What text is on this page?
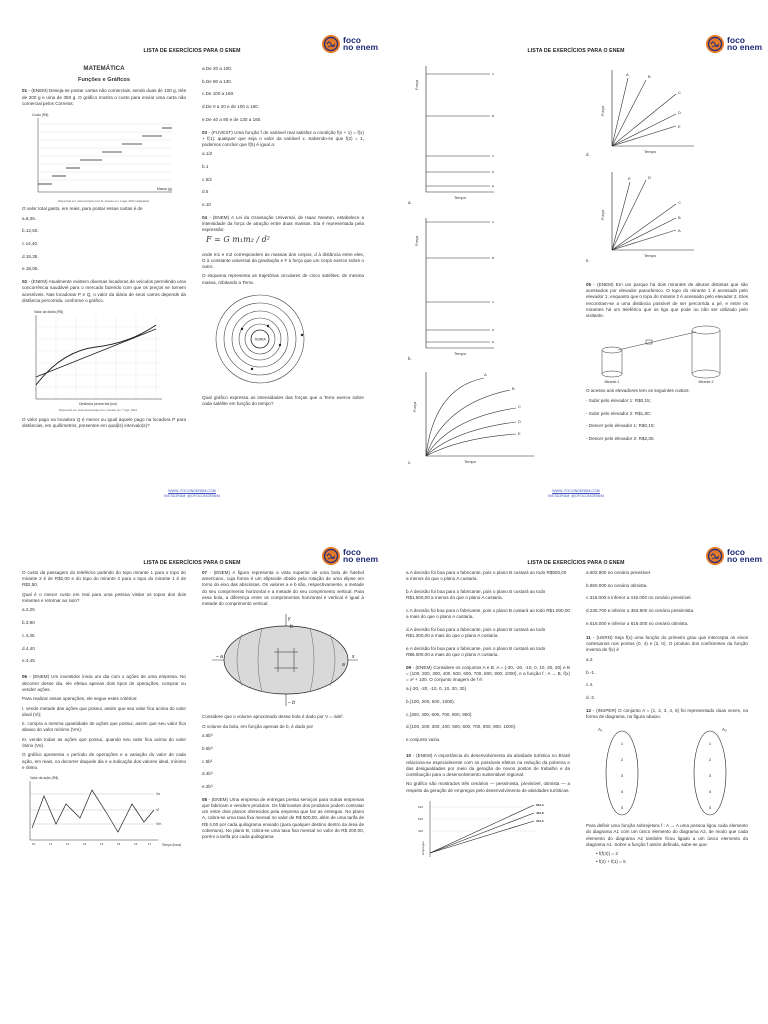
LISTA DE EXERCÍCIOS PARA O ENEM
foco
no enem
MATEMÁTICA
Funções e Gráficos

01 - (ENEM) Deseja-se postar cartas não comerciais, sendo duas de 100 g, três de 200 g e uma de 350 g. O gráfico mostra o custo para enviar uma carta não comercial pelos Correios:

Custo (R$)
Massa (g)
Disponível em: www.correios.com.br. Acesso em: 2 ago. 2012 (adaptado).

O valor total gasto, em reais, para postar essas cartas é de

a.8,35.
b.12,50.
c.14,40.
d.15,35.
e.18,05.

02 - (ENEM) Atualmente existem diversas locadoras de veículos permitindo uma concorrência saudável para o mercado fazendo com que os preços se tornem acessíveis. Nas locadoras P e Q, o valor da diária de seus carros depende da distância percorrida, conforme o gráfico.

Valor da diária (R$)
Distância percorrida (km)
Disponível em: www.sempretops.com. Acesso em: 7 ago. 2012

O valor pago na locadora Q é menor ou igual àquele pago na locadora P para distâncias, em quilômetros, presentes em qual(is) intervalo(s)?

a.De 20 a 100.
b.De 80 a 130.
c.De 100 a 160.
d.De 0 a 20 e de 100 a 160.
e.De 40 a 80 e de 130 a 160.

03 - (FUVEST) Uma função f de variável real satisfaz a condição f(x + 1) = f(x) + f(1), qualquer que seja o valor da variável x. Sabendo-se que f(2) = 1, podemos concluir que f(5) é igual a:

a.1/2
b.1
c.5/2
d.5
e.10

04 - (ENEM) A Lei da Gravitação Universal, de Isaac Newton, estabelece a intensidade da força de atração entre duas massas. Ela é representada pela expressão:

F = G m₁m₂ / d²

onde m1 e m2 correspondem às massas dos corpos, d à distância entre eles, G à constante universal da gravitação e F à força que um corpo exerce sobre o outro.

O esquema representa as trajetórias circulares de cinco satélites, de mesma massa, orbitando a Terra.

TERRA

Qual gráfico expressa as intensidades das forças que a Terra exerce sobre cada satélite em função do tempo?

WWW. FOCONOENEM.COM
INSTAGRAM: @OFOCONOENEM
LISTA DE EXERCÍCIOS PARA O ENEM
foco
no enem
A
B
C
D
E
Força
Tempo
a.
A
B
C
D
E
Força
Tempo
b.
A
B
C
D
E
Força
Tempo
c.
A	B
C
D
E
Força
Tempo
d.
E	D
C
B
A
Força
Tempo
e.

05 - (ENEM) Em um parque há dois mirantes de alturas distintas que são acessados por elevador panorâmico. O topo do mirante 1 é acessado pelo elevador 1, enquanto que o topo do mirante 2 é acessado pelo elevador 2. Eles encontram-se a uma distância possível de ser percorrida a pé, e entre os mirantes há um teleférico que os liga que pode ou não ser utilizado pelo visitante.

Mirante 1	Mirante 2

O acesso aos elevadores tem os seguintes custos:

- Subir pelo elevador 1: R$0,15;
- Subir pelo elevador 2: R$1,80;
- Descer pelo elevador 1: R$0,10;
- Descer pelo elevador 2: R$2,30.
WWW. FOCONOENEM.COM
INSTAGRAM: @OFOCONOENEM
LISTA DE EXERCÍCIOS PARA O ENEM
foco
no enem

O custo da passagem do teleférico partindo do topo mirante 1 para o topo do mirante 2 é de R$2,00 e do topo do mirante 2 para o topo do mirante 1 é de R$2,50.

Qual é o menor custo em real para uma pessoa visitar os topos dos dois mirantes e retornar ao solo?

a.2,25
b.3,90
c.4,35
d.4,40
e.4,45

06 - (ENEM) Um investidor inicia um dia com x ações de uma empresa. No decorrer desse dia, ele efetua apenas dois tipos de operações, comprar ou vender ações.

Para realizar essas operações, ele segue estes critérios:

I. vende metade das ações que possui, assim que seu valor fica acima do valor ideal (Vi);

II. compra a mesma quantidade de ações que possui, assim que seu valor fica abaixo do valor mínimo (Vm);

III. vende todas as ações que possui, quando seu valor fica acima do valor ótimo (Vo).

O gráfico apresenta o período de operações e a variação do valor de cada ação, em reais, no decorrer daquele dia e a indicação dos valores ideal, mínimo e ótimo.

Valor da ação (R$)
Vo
Vi
Vm
10	11	12	13	14	15	16	17	Tempo (hora)

07 - (ENEM) A figura representa a vista superior de uma bola de futebol americano, cuja forma é um elipsoide obtido pela rotação de uma elipse em torno do eixo das abscissas. Os valores a e b são, respectivamente, a metade do seu comprimento horizontal e a metade do seu comprimento vertical. Para essa bola, a diferença entre os comprimentos horizontal e vertical é igual à metade do comprimento vertical.

y
x
b
– b
– a
a

Considere que o volume aproximado dessa bola é dado por V = 4ab².

O volume da bola, em função apenas de b, é dado por

a.8b³
b.6b³
c.5b³
d.4b³
e.2b³

08 - (ENEM) Uma empresa de entregas presta serviços para outras empresas que fabricam e vendem produtos. Os fabricantes dos produtos podem contratar um entre dois planos oferecidos pela empresa que faz as entregas. No plano A, cobra-se uma taxa fixa mensal no valor de R$ 500,00, além de uma tarifa de R$ 4,00 por cada quilograma enviado (para qualquer destino dentro da área de cobertura). No plano B, cobra-se uma taxa fixa mensal no valor de R$ 200,00, porém a tarifa por cada quilograma

LISTA DE EXERCÍCIOS PARA O ENEM
foco
no enem
a.A decisão foi boa para o fabricante, pois o plano B custará ao todo R$500,00 a menos do que o plano A custaria.
b.A decisão foi boa para o fabricante, pois o plano B custará ao todo R$1.500,00 a menos do que o plano A custaria.
c.A decisão foi boa para o fabricante, pois o plano B custará ao todo R$1.000,00 a mais do que o plano A custaria.
d.A decisão foi boa para o fabricante, pois o plano B custará ao todo R$1.300,00 a mais do que o plano A custaria.
e.A decisão foi boa para o fabricante, pois o plano B custará ao todo R$6.000,00 a mais do que o plano A custaria.

09 - (ENEM) Considere os conjuntos A e B: A = {-30, -20, -10, 0, 10, 20, 30} e B = {100, 200, 300, 400, 500, 600, 700, 800, 900, 1000}, e a função f : A → B, f(x) = x² + 100. O conjunto imagem de f é:

a.{-30, -20, -10, 0, 10, 20, 30}.
b.{100, 200, 500, 1000}.
c.{300, 400, 600, 700, 800, 900}.
d.{100, 200, 300, 400, 500, 600, 700, 800, 900, 1000}.
e.conjunto vazio.

10 - (ENEM) A importância do desenvolvimento da atividade turística no Brasil relaciona-se especialmente com os possíveis efeitos na redução da pobreza e das desigualdades por meio da geração de novos postos de trabalho e da contribuição para o desenvolvimento sustentável regional.

No gráfico são mostrados três cenários — pessimista, previsível, otimista — a respeito da geração de empregos pelo desenvolvimento de atividades turísticas.

616
516
416
602,9
463,8
343,6
Empregos
a.602.900 no cenário previsível.
b.660.000 no cenário otimista.
c.316.000 e inferior a 416.000 no cenário previsível.
d.235.700 e inferior a 353.800 no cenário pessimista.
e.516.000 e inferior a 616.000 no cenário otimista.

11 - (UERN) Seja f(x) uma função do primeiro grau que intercepta os eixos cartesianos nos pontos (0, 4) e (2, 0). O produto dos coeficientes da função inversa de f(x) é

a.2.
b.-1.
c.4.
d.-2.

12 - (INSPER) O conjunto A = {1, 2, 3, 4, 5} foi representado duas vezes, na forma de diagrama, na figura abaixo.

A₁	A₂
1
2
3
4
5
1
2
3
4
5

Para definir uma função sobrejetora f : A → A uma pessoa ligou cada elemento do diagrama A1 com um único elemento do diagrama A2, de modo que cada elemento do diagrama A2 também ficou ligado a um único elemento do diagrama A1. Sobre a função f assim definida, sabe-se que:

• f(f(3)) = 2
• f(2) + f(1) = 5
